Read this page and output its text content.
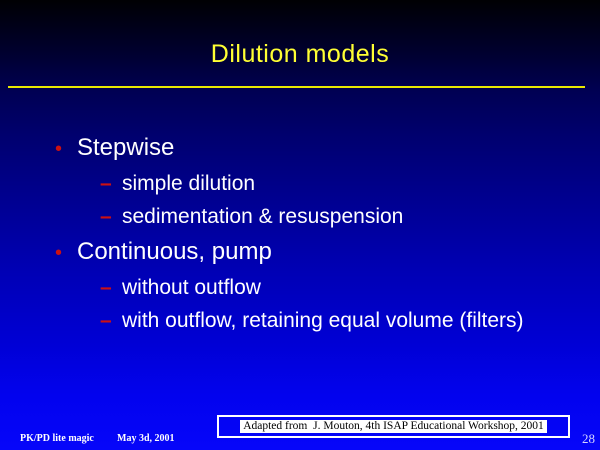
Dilution models
• Stepwise
– simple dilution
– sedimentation & resuspension
• Continuous, pump
– without outflow
– with outflow, retaining equal volume (filters)
PK/PD lite magic May 3d, 2001
Adapted from  J. Mouton, 4th ISAP Educational Workshop, 2001
28
